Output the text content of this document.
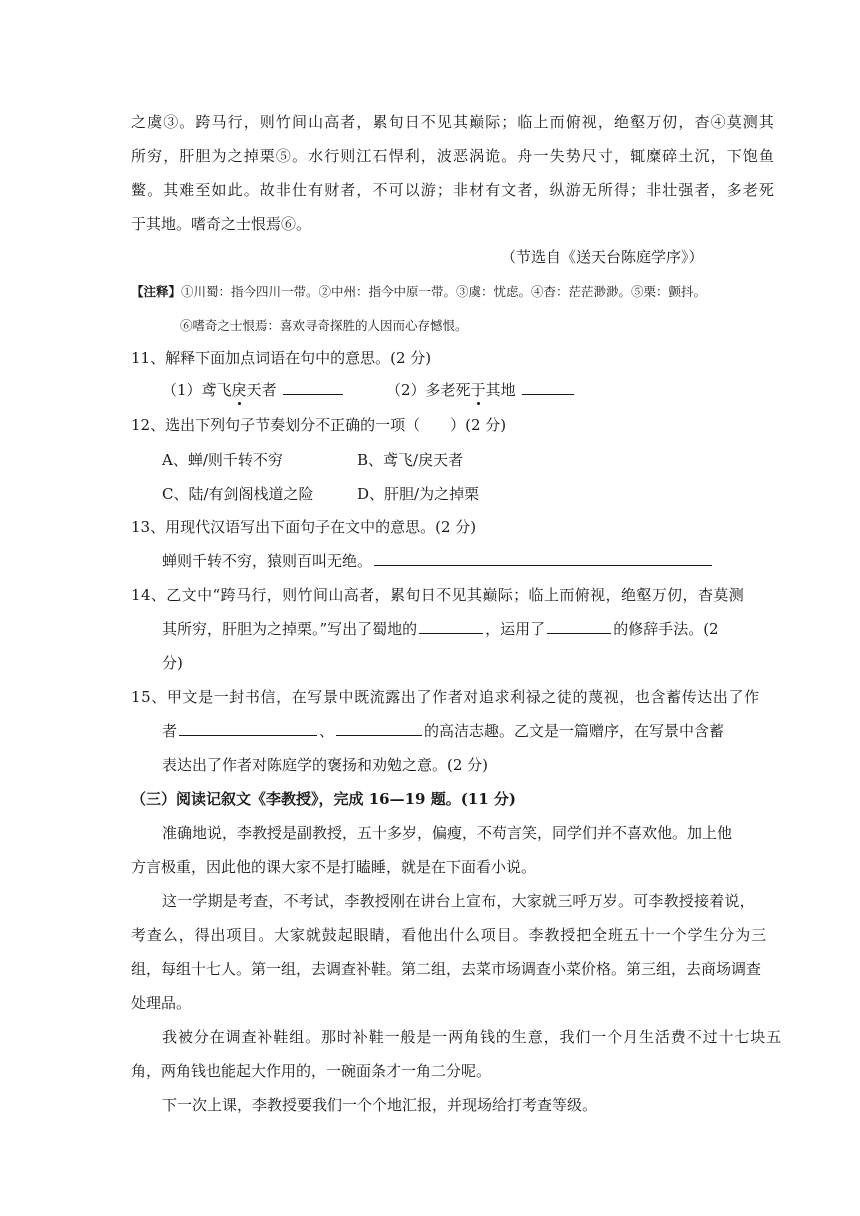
之虞③。跨马行，则竹间山高者，累旬日不见其巅际；临上而俯视，绝壑万仞，杳④莫测其
所穷，肝胆为之掉栗⑤。水行则江石悍利，波恶涡诡。舟一失势尺寸，辄糜碎土沉，下饱鱼
鳖。其难至如此。故非仕有财者，不可以游；非材有文者，纵游无所得；非壮强者，多老死
于其地。嗜奇之士恨焉⑥。
（节选自《送天台陈庭学序》）
【注释】①川蜀：指今四川一带。②中州：指今中原一带。③虞：忧虑。④杳：茫茫渺渺。⑤栗：颤抖。
⑥嗜奇之士恨焉：喜欢寻奇探胜的人因而心存憾恨。
11、解释下面加点词语在句中的意思。(2 分)
（1）鸢飞戾天者	（2）多老死于其地
12、选出下列句子节奏划分不正确的一项（ ）(2 分)
A、蝉/则千转不穷	B、鸢飞/戾天者
C、陆/有剑阁栈道之险	D、肝胆/为之掉栗
13、用现代汉语写出下面句子在文中的意思。(2 分)
蝉则千转不穷，猿则百叫无绝。
14、乙文中“跨马行，则竹间山高者，累旬日不见其巅际；临上而俯视，绝壑万仞，杳莫测
其所穷，肝胆为之掉栗。”写出了蜀地的	，运用了	的修辞手法。(2
分)
15、甲文是一封书信，在写景中既流露出了作者对追求利禄之徒的蔑视，也含蓄传达出了作
者	、	的高洁志趣。乙文是一篇赠序，在写景中含蓄
表达出了作者对陈庭学的褒扬和劝勉之意。(2 分)
（三）阅读记叙文《李教授》，完成 16—19 题。(11 分)
准确地说，李教授是副教授，五十多岁，偏瘦，不苟言笑，同学们并不喜欢他。加上他
方言极重，因此他的课大家不是打瞌睡，就是在下面看小说。
这一学期是考查，不考试，李教授刚在讲台上宣布，大家就三呼万岁。可李教授接着说，
考查么，得出项目。大家就鼓起眼睛，看他出什么项目。李教授把全班五十一个学生分为三
组，每组十七人。第一组，去调查补鞋。第二组，去菜市场调查小菜价格。第三组，去商场调查
处理品。
我被分在调查补鞋组。那时补鞋一般是一两角钱的生意，我们一个月生活费不过十七块五
角，两角钱也能起大作用的，一碗面条才一角二分呢。
下一次上课，李教授要我们一个个地汇报，并现场给打考查等级。
